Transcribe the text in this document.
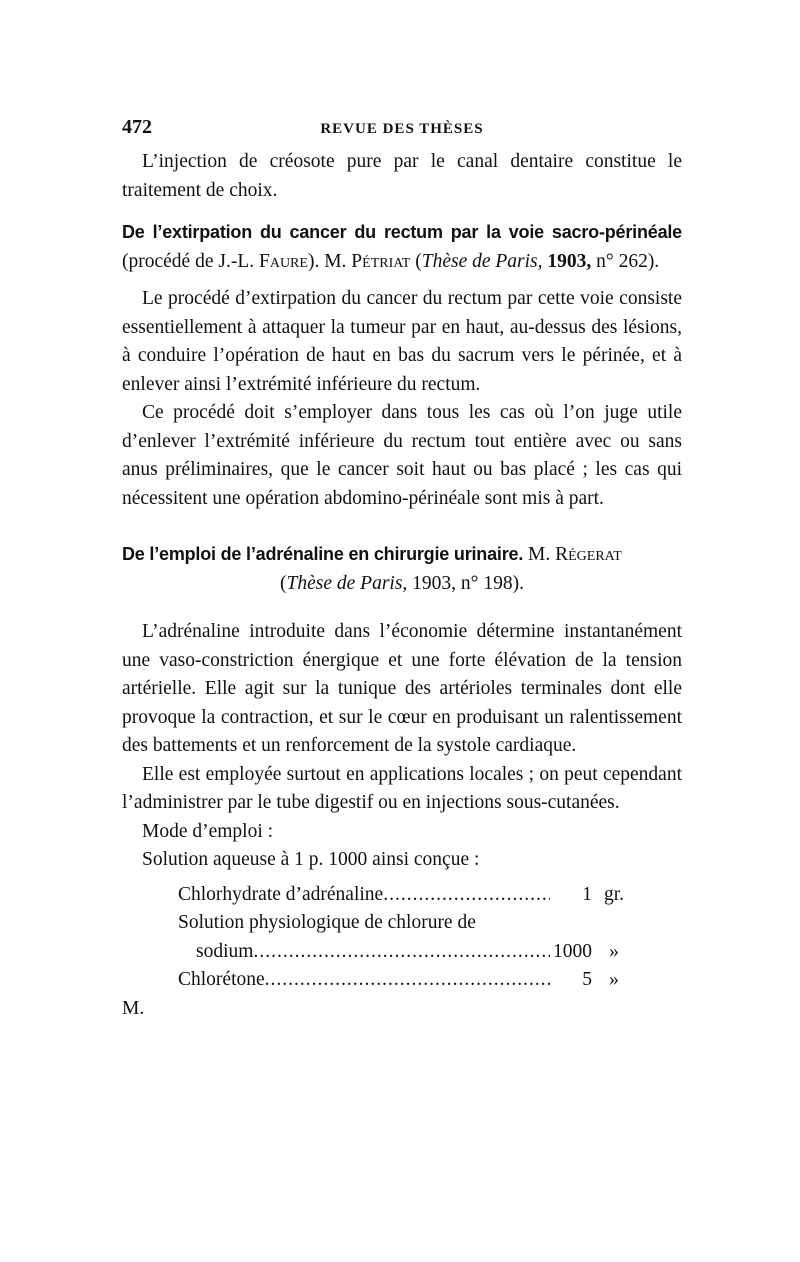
472	REVUE DES THÈSES

L’injection de créosote pure par le canal dentaire constitue le traitement de choix.

De l’extirpation du cancer du rectum par la voie sacro-périnéale (procédé de J.-L. Faure). M. Pétriat (Thèse de Paris, 1903, n° 262).

Le procédé d’extirpation du cancer du rectum par cette voie consiste essentiellement à attaquer la tumeur par en haut, au-dessus des lésions, à conduire l’opération de haut en bas du sacrum vers le périnée, et à enlever ainsi l’extrémité inférieure du rectum.

Ce procédé doit s’employer dans tous les cas où l’on juge utile d’enlever l’extrémité inférieure du rectum tout entière avec ou sans anus préliminaires, que le cancer soit haut ou bas placé ; les cas qui nécessitent une opération abdomino-périnéale sont mis à part.

De l’emploi de l’adrénaline en chirurgie urinaire. M. Régerat

(Thèse de Paris, 1903, n° 198).

L’adrénaline introduite dans l’économie détermine instantanément une vaso-constriction énergique et une forte élévation de la tension artérielle. Elle agit sur la tunique des artérioles terminales dont elle provoque la contraction, et sur le cœur en produisant un ralentissement des battements et un renforcement de la systole cardiaque.

Elle est employée surtout en applications locales ; on peut cependant l’administrer par le tube digestif ou en injections sous-cutanées.

Mode d’emploi :

Solution aqueuse à 1 p. 1000 ainsi conçue :

Chlorhydrate d’adrénaline .....	1 gr.
Solution physiologique de chlorure de
sodium .....	1000 »
Chlorétone .....	5 »

M.
